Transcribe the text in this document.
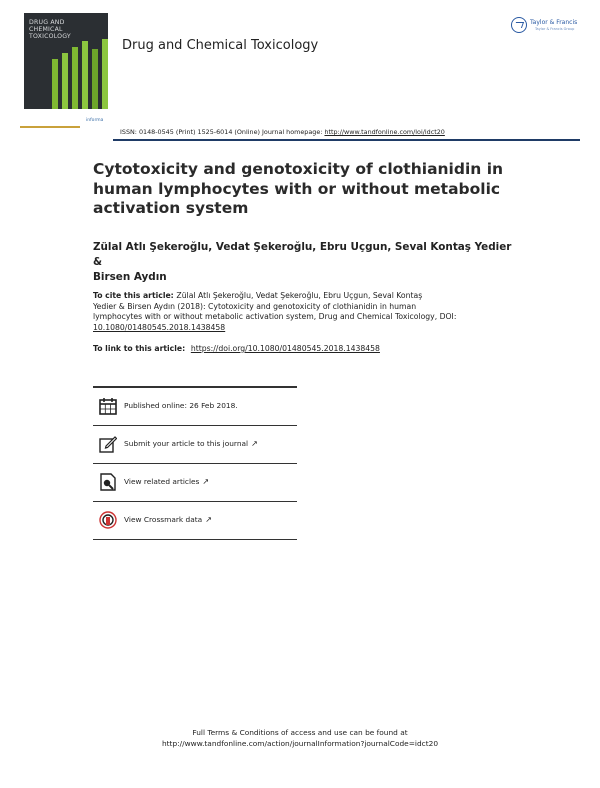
DRUG AND
CHEMICAL
TOXICOLOGY
informa
Drug and Chemical Toxicology
Taylor & Francis
Taylor & Francis Group
ISSN: 0148-0545 (Print) 1525-6014 (Online) Journal homepage: http://www.tandfonline.com/loi/idct20
Cytotoxicity and genotoxicity of clothianidin in
human lymphocytes with or without metabolic
activation system
Zülal Atlı Şekeroğlu, Vedat Şekeroğlu, Ebru Uçgun, Seval Kontaş Yedier &
Birsen Aydın
To cite this article: Zülal Atlı Şekeroğlu, Vedat Şekeroğlu, Ebru Uçgun, Seval Kontaş
Yedier & Birsen Aydın (2018): Cytotoxicity and genotoxicity of clothianidin in human
lymphocytes with or without metabolic activation system, Drug and Chemical Toxicology, DOI:
10.1080/01480545.2018.1438458
To link to this article: https://doi.org/10.1080/01480545.2018.1438458
Published online: 26 Feb 2018.
Submit your article to this journal ↗
View related articles ↗
View Crossmark data ↗
Full Terms & Conditions of access and use can be found at
http://www.tandfonline.com/action/journalInformation?journalCode=idct20
